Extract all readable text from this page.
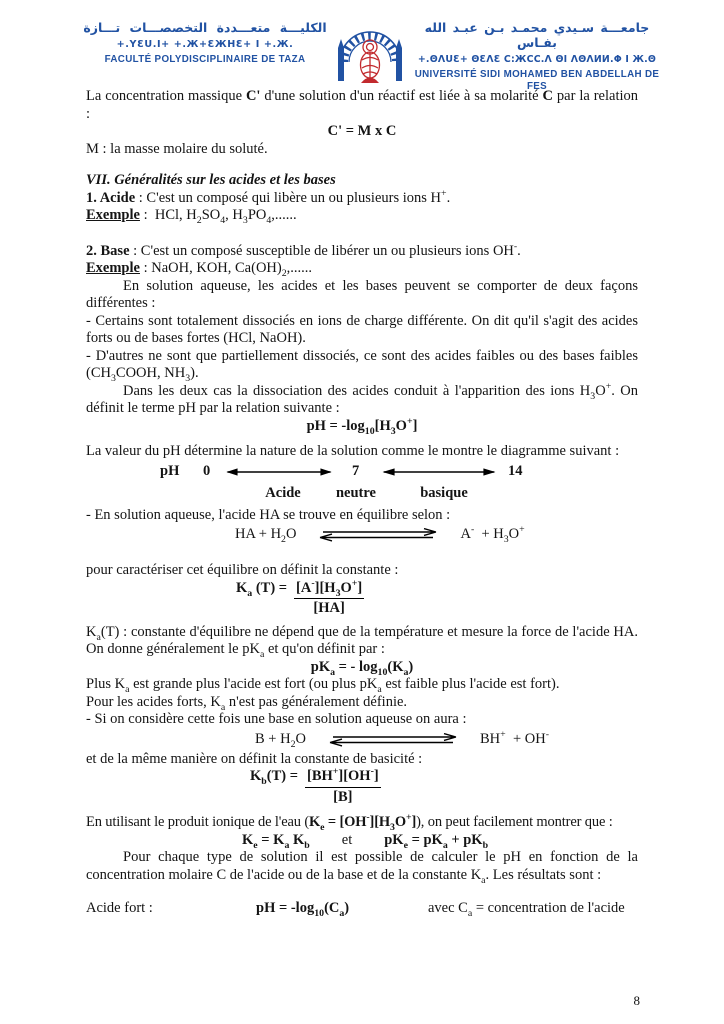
الكليـــة متعـــددة التخصصـــات تـــازة
+.ΥƐU.Ι+ +.Ж+ƐЖΗƐ+ Ι +.Ж.
FACULTÉ POLYDISCIPLINAIRE DE TAZA
جامعـــة سـيدي محمـد بـن عبـد الله بفـاس
+.ΘΛUƐ+ ΘƐΛƐ C:ЖCC.Λ ΘΙ ΛΘΛИИ.Φ Ι Ж.Θ
UNIVERSITÉ SIDI MOHAMED BEN ABDELLAH DE FES

La concentration massique C' d'une solution d'un réactif est liée à sa molarité C par la relation :

C' = M x C

M : la masse molaire du soluté.

VII. Généralités sur les acides et les bases

1. Acide : C'est un composé qui libère un ou plusieurs ions H+.

Exemple :  HCl, $H_2SO_4$, $H_3PO_4$,......

2. Base : C'est un composé susceptible de libérer un ou plusieurs ions OH-.

Exemple : NaOH, KOH, $Ca(OH)_2$,......

En solution aqueuse, les acides et les bases peuvent se comporter de deux façons différentes :

- Certains sont totalement dissociés en ions de charge différente. On dit qu'il s'agit des acides forts ou de bases fortes (HCl, NaOH).

- D'autres ne sont que partiellement dissociés, ce sont des acides faibles ou des bases faibles ($CH_3COOH$, $NH_3$).

Dans les deux cas la dissociation des acides conduit à l'apparition des ions $H_3O^+$. On définit le terme pH par la relation suivante :

pH = $-\log_{10}[H_3O^+]$

La valeur du pH détermine la nature de la solution comme le montre le diagramme suivant :

pH 0	7	14
Acide neutre	basique

- En solution aqueuse, l'acide HA se trouve en équilibre selon :

HA + $H_2O$	$A^- + H_3O^+$

pour caractériser cet équilibre on définit la constante :

$K_a$ $(T) = \frac{[A^-][H_3O^+]}{[HA]}$

$K_a(T)$ : constante d'équilibre ne dépend que de la température et mesure la force de l'acide HA. On donne généralement le $pK_a$ et qu'on définit par :

$pK_a$ = - $\log_{10}(K_a)$

Plus $K_a$ est grande plus l'acide est fort (ou plus $pK_a$ est faible plus l'acide est fort).

Pour les acides forts, $K_a$ n'est pas généralement définie.

- Si on considère cette fois une base en solution aqueuse on aura :

$B + H_2O$	BH+  + OH-

et de la même manière on définit la constante de basicité :

$K_b(T) = \frac{[BH^+][OH^-]}{[B]}$

En utilisant le produit ionique de l'eau $(K_e = [OH^-][H_3O^+])$, on peut facilement montrer que :

$K_e = K_a$ $K_b$ et $pK_e = pK_a + pK_b$

Pour chaque type de solution il est possible de calculer le pH en fonction de la concentration molaire C de l'acide ou de la base et de la constante $K_a$. Les résultats sont :

Acide fort :	pH = $-\log_{10}(C_a)$	avec $C_a$ = concentration de l'acide
8
